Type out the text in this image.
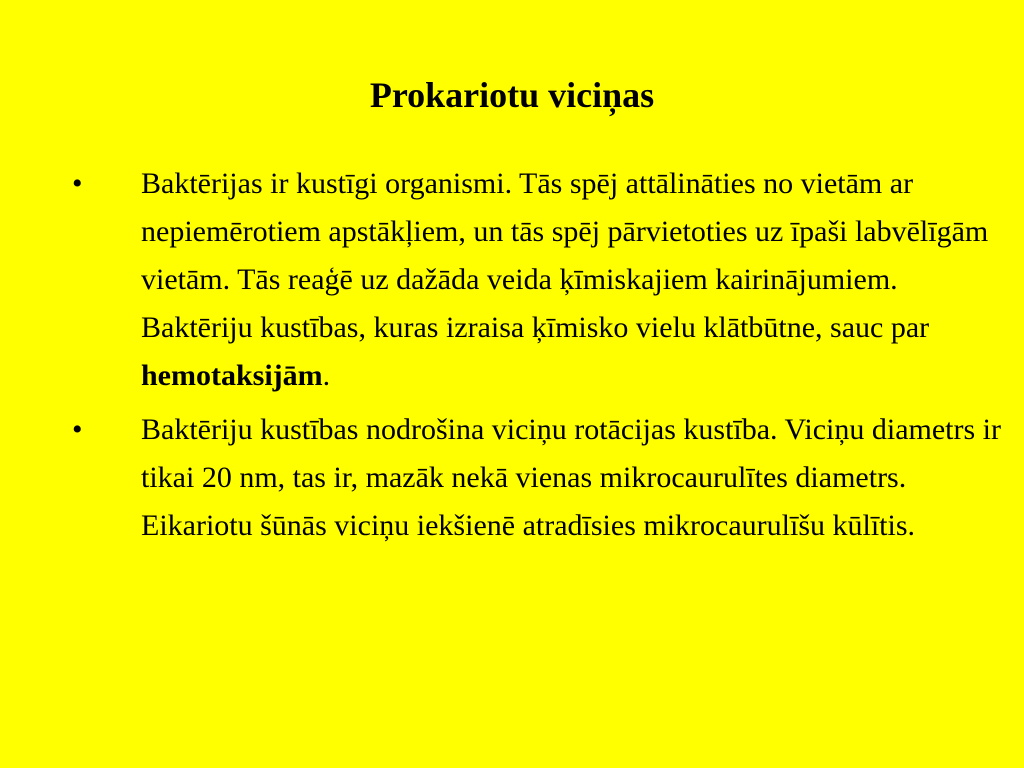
Prokariotu viciņas
• Baktērijas ir kustīgi organismi. Tās spēj attālināties no vietām ar nepiemērotiem apstākļiem, un tās spēj pārvietoties uz īpaši labvēlīgām vietām. Tās reaģē uz dažāda veida ķīmiskajiem kairinājumiem. Baktēriju kustības, kuras izraisa ķīmisko vielu klātbūtne, sauc par hemotaksijām.

• Baktēriju kustības nodrošina viciņu rotācijas kustība. Viciņu diametrs ir tikai 20 nm, tas ir, mazāk nekā vienas mikrocaurulītes diametrs. Eikariotu šūnās viciņu iekšienē atradīsies mikrocaurulīšu kūlītis.
